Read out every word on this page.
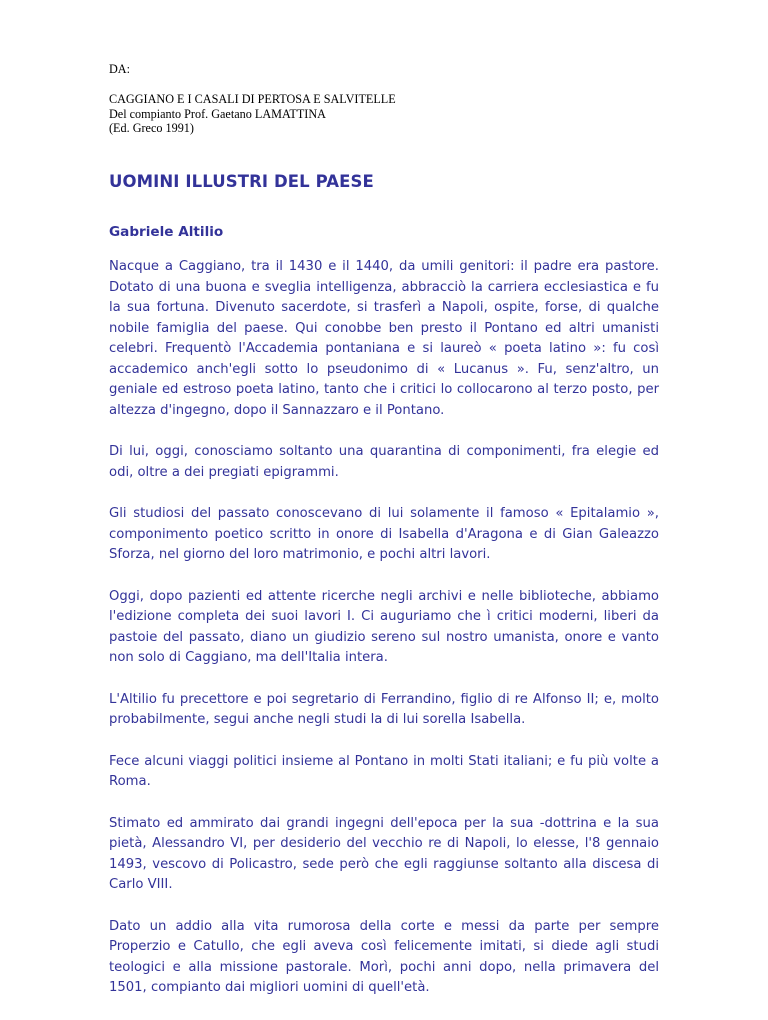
DA:

CAGGIANO E I CASALI DI PERTOSA E SALVITELLE
Del compianto Prof. Gaetano LAMATTINA
(Ed. Greco 1991)

UOMINI ILLUSTRI DEL PAESE
Gabriele Altilio

Nacque a Caggiano, tra il 1430 e il 1440, da umili genitori: il padre era pastore. Dotato di una buona e sveglia intelligenza, abbracciò la carriera ecclesiastica e fu la sua fortuna. Divenuto sacerdote, si trasferì a Napoli, ospite, forse, di qualche nobile famiglia del paese. Qui conobbe ben presto il Pontano ed altri umanisti celebri. Frequentò l'Accademia pontaniana e si laureò « poeta latino »: fu così accademico anch'egli sotto lo pseudonimo di « Lucanus ». Fu, senz'altro, un geniale ed estroso poeta latino, tanto che i critici lo collocarono al terzo posto, per altezza d'ingegno, dopo il Sannazzaro e il Pontano.

Di lui, oggi, conosciamo soltanto una quarantina di componimenti, fra elegie ed odi, oltre a dei pregiati epigrammi.

Gli studiosi del passato conoscevano di lui solamente il famoso « Epitalamio », componimento poetico scritto in onore di Isabella d'Aragona e di Gian Galeazzo Sforza, nel giorno del loro matrimonio, e pochi altri lavori.

Oggi, dopo pazienti ed attente ricerche negli archivi e nelle biblioteche, abbiamo l'edizione completa dei suoi lavori I. Ci auguriamo che ì critici moderni, liberi da pastoie del passato, diano un giudizio sereno sul nostro umanista, onore e vanto non solo di Caggiano, ma dell'Italia intera.

L'Altilio fu precettore e poi segretario di Ferrandino, figlio di re Alfonso II; e, molto probabilmente, segui anche negli studi la di lui sorella Isabella.

Fece alcuni viaggi politici insieme al Pontano in molti Stati italiani; e fu più volte a Roma.

Stimato ed ammirato dai grandi ingegni dell'epoca per la sua -dottrina e la sua pietà, Alessandro VI, per desiderio del vecchio re di Napoli, lo elesse, l'8 gennaio 1493, vescovo di Policastro, sede però che egli raggiunse soltanto alla discesa di Carlo VIII.

Dato un addio alla vita rumorosa della corte e messi da parte per sempre Properzio e Catullo, che egli aveva così felicemente imitati, si diede agli studi teologici e alla missione pastorale. Morì, pochi anni dopo, nella primavera del 1501, compianto dai migliori uomini di quell'età.
